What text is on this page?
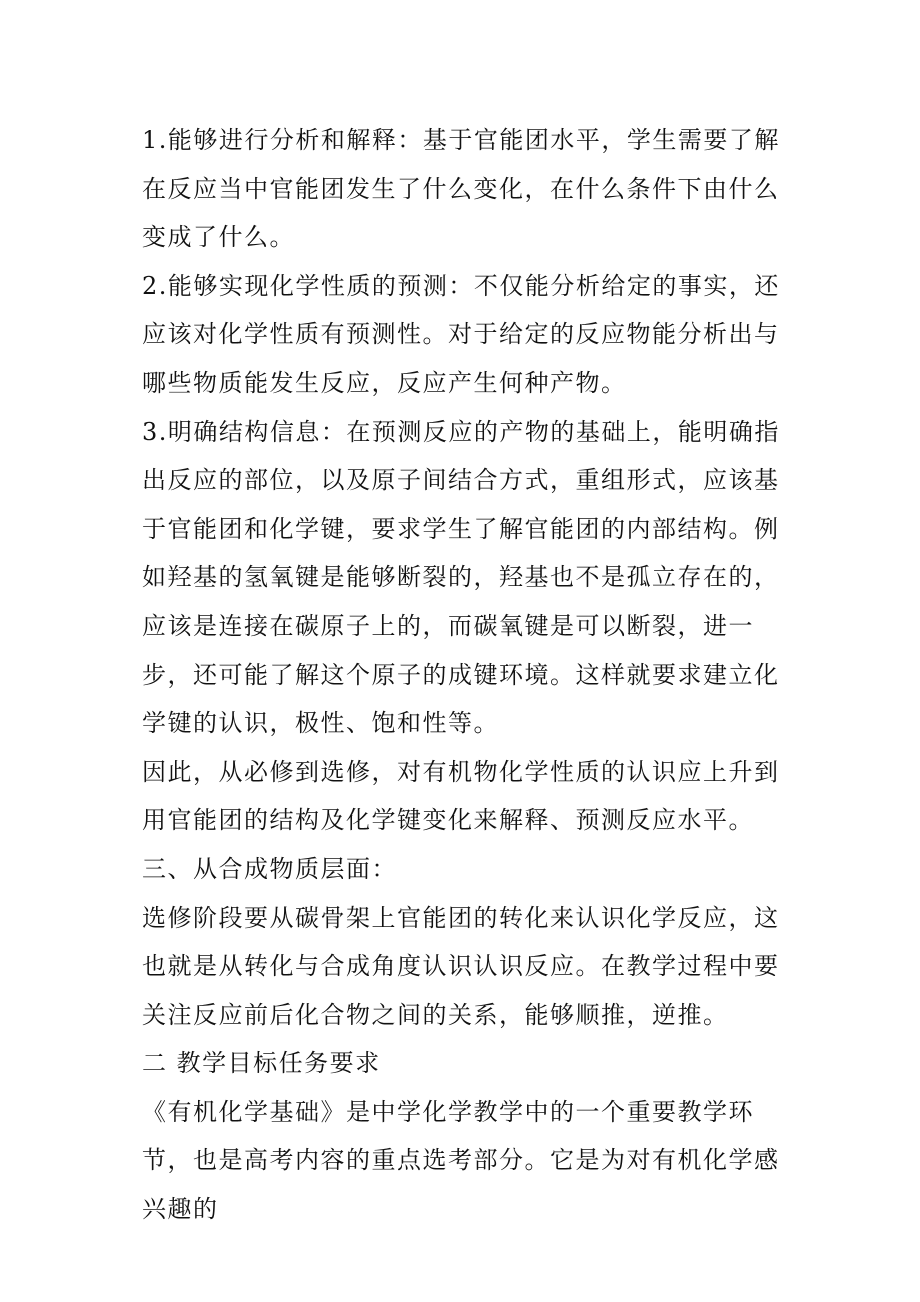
1.能够进行分析和解释：基于官能团水平，学生需要了解在反应当中官能团发生了什么变化，在什么条件下由什么变成了什么。

2.能够实现化学性质的预测：不仅能分析给定的事实，还应该对化学性质有预测性。对于给定的反应物能分析出与哪些物质能发生反应，反应产生何种产物。

3.明确结构信息：在预测反应的产物的基础上，能明确指出反应的部位，以及原子间结合方式，重组形式，应该基于官能团和化学键，要求学生了解官能团的内部结构。例如羟基的氢氧键是能够断裂的，羟基也不是孤立存在的，应该是连接在碳原子上的，而碳氧键是可以断裂，进一步，还可能了解这个原子的成键环境。这样就要求建立化学键的认识，极性、饱和性等。

因此，从必修到选修，对有机物化学性质的认识应上升到用官能团的结构及化学键变化来解释、预测反应水平。

三、从合成物质层面：

选修阶段要从碳骨架上官能团的转化来认识化学反应，这也就是从转化与合成角度认识认识反应。在教学过程中要关注反应前后化合物之间的关系，能够顺推，逆推。

二 教学目标任务要求

《有机化学基础》是中学化学教学中的一个重要教学环节，也是高考内容的重点选考部分。它是为对有机化学感兴趣的
